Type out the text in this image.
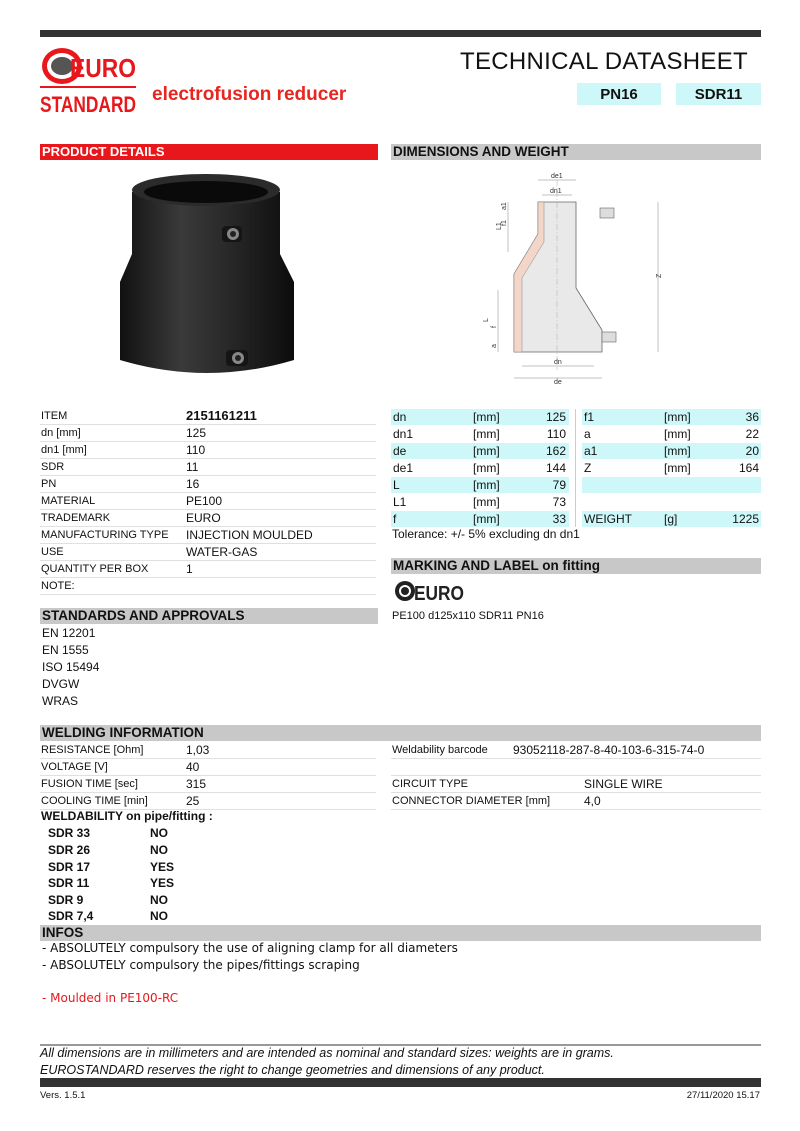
EURO
STANDARD electrofusion reducer
TECHNICAL DATASHEET
PN16	SDR11
PRODUCT DETAILS	DIMENSIONS AND WEIGHT
de1
dn1
L1
a1
f1
Z
L
f
a
dn
de
ITEM	2151161211
dn [mm]	125
dn1 [mm]	110
SDR	11
PN	16
MATERIAL	PE100
TRADEMARK	EURO
MANUFACTURING TYPE INJECTION MOULDED
USE	WATER-GAS
QUANTITY PER BOX	1
NOTE:
dn	[mm]	125
dn1	[mm]	110
de	[mm]	162
de1	[mm]	144
L	[mm]	79
L1	[mm]	73
f	[mm]	33
f1	[mm]	36
a	[mm]	22
a1	[mm]	20
Z	[mm]	164
WEIGHT	[g]	1225
Tolerance: +/- 5% excluding dn dn1
MARKING AND LABEL on fitting
EURO
PE100 d125x110 SDR11 PN16
STANDARDS AND APPROVALS
EN 12201
EN 1555
ISO 15494
DVGW
WRAS
WELDING INFORMATION
RESISTANCE [Ohm]	1,03
VOLTAGE [V]	40
FUSION TIME [sec]	315
COOLING TIME [min]	25
Weldability barcode 93052118-287-8-40-103-6-315-74-0
CIRCUIT TYPE	SINGLE WIRE
CONNECTOR DIAMETER [mm]	4,0
WELDABILITY on pipe/fitting :
SDR 33	NO
SDR 26	NO
SDR 17	YES
SDR 11	YES
SDR 9	NO
SDR 7,4	NO
INFOS
- ABSOLUTELY compulsory the use of aligning clamp for all diameters
- ABSOLUTELY compulsory the pipes/fittings scraping
- Moulded in PE100-RC
All dimensions are in millimeters and are intended as nominal and standard sizes: weights are in grams.
EUROSTANDARD reserves the right to change geometries and dimensions of any product.
Vers. 1.5.1	27/11/2020 15.17
